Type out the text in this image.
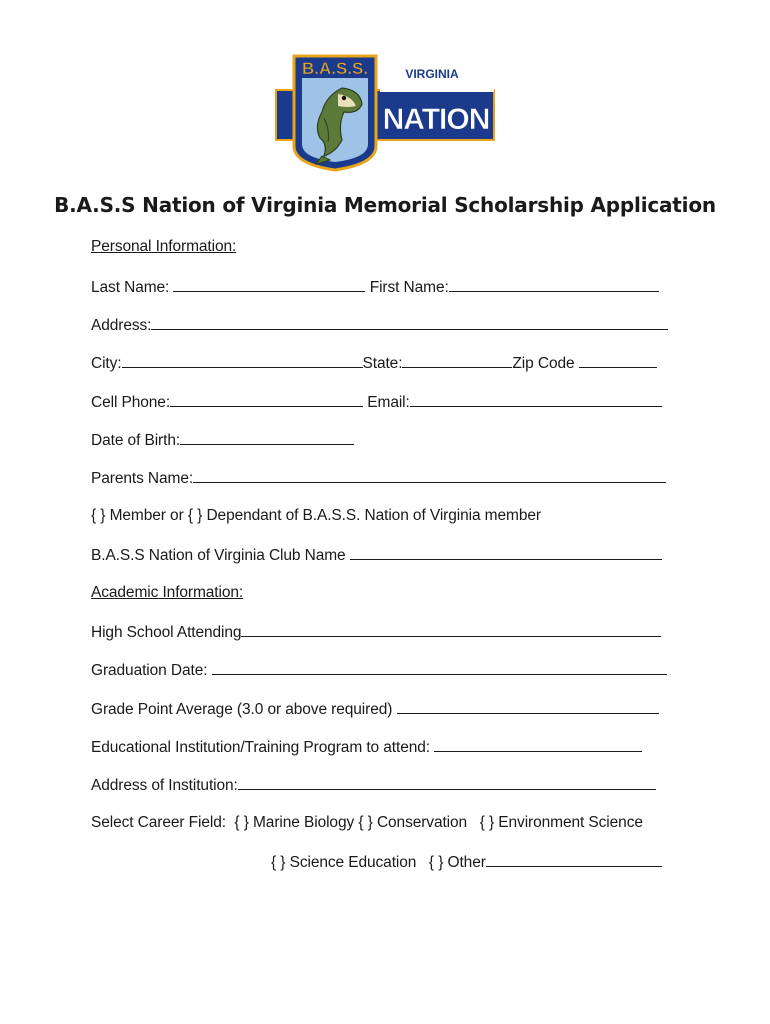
VIRGINIA
NATION
B.A.S.S.
B.A.S.S Nation of Virginia Memorial Scholarship Application
Personal Information:
Last Name:	First Name:
Address:
City:	State:	Zip Code
Cell Phone:	Email:
Date of Birth:
Parents Name:
{ } Member or { } Dependant of B.A.S.S. Nation of Virginia member
B.A.S.S Nation of Virginia Club Name
Academic Information:
High School Attending
Graduation Date:
Grade Point Average (3.0 or above required)
Educational Institution/Training Program to attend:
Address of Institution:
Select Career Field: { } Marine Biology { } Conservation { } Environment Science
{ } Science Education { } Other
